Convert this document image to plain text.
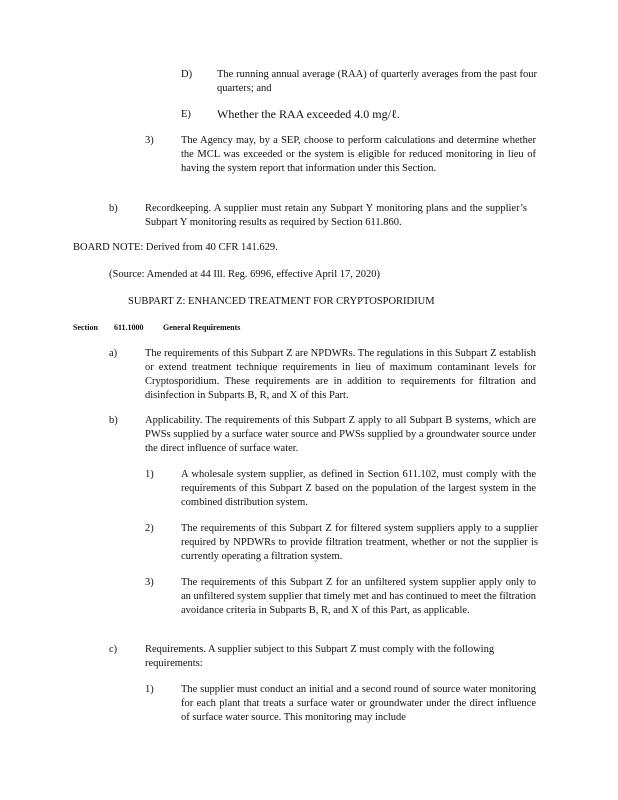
D) The running annual average (RAA) of quarterly averages from the past four quarters; and
E) Whether the RAA exceeded 4.0 mg/ℓ.
3)	The Agency may, by a SEP, choose to perform calculations and determine whether the MCL was exceeded or the system is eligible for reduced monitoring in lieu of having the system report that information under this Section.
b)	Recordkeeping. A supplier must retain any Subpart Y monitoring plans and the supplier’s Subpart Y monitoring results as required by Section 611.860.
BOARD NOTE: Derived from 40 CFR 141.629.
(Source: Amended at 44 Ill. Reg. 6996, effective April 17, 2020)
SUBPART Z: ENHANCED TREATMENT FOR CRYPTOSPORIDIUM
Section 611.1000 General Requirements
a)	The requirements of this Subpart Z are NPDWRs. The regulations in this Subpart Z establish or extend treatment technique requirements in lieu of maximum contaminant levels for Cryptosporidium. These requirements are in addition to requirements for filtration and disinfection in Subparts B, R, and X of this Part.
b)	Applicability. The requirements of this Subpart Z apply to all Subpart B systems, which are PWSs supplied by a surface water source and PWSs supplied by a groundwater source under the direct influence of surface water.
1)	A wholesale system supplier, as defined in Section 611.102, must comply with the requirements of this Subpart Z based on the population of the largest system in the combined distribution system.
2)	The requirements of this Subpart Z for filtered system suppliers apply to a supplier required by NPDWRs to provide filtration treatment, whether or not the supplier is currently operating a filtration system.
3)	The requirements of this Subpart Z for an unfiltered system supplier apply only to an unfiltered system supplier that timely met and has continued to meet the filtration avoidance criteria in Subparts B, R, and X of this Part, as applicable.
c)	Requirements. A supplier subject to this Subpart Z must comply with the following requirements:
1)	The supplier must conduct an initial and a second round of source water monitoring for each plant that treats a surface water or groundwater under the direct influence of surface water source. This monitoring may include
